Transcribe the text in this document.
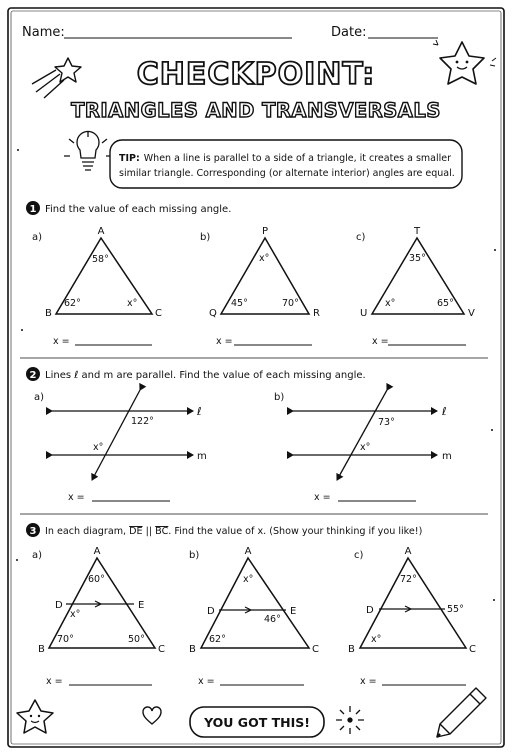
Name:	Date:
CHECKPOINT:
TRIANGLES AND TRANSVERSALS
TIP: When a line is parallel to a side of a triangle, it creates a smaller
similar triangle. Corresponding (or alternate interior) angles are equal.
1 Find the value of each missing angle.
a)
A
B	C
58°
62°	x°
x =
b)
P
Q	R
x°
45°	70°
x =
c)
T
U	V
35°
x°	65°
x =
2 Lines ℓ and m are parallel. Find the value of each missing angle.
a)
ℓ
m
122°
x°
x =
b)
ℓ
m
73°
x°
x =
3 In each diagram, DE || BC. Find the value of x. (Show your thinking if you like!)
a)	A
B	C
D	E
60°
x°
70°	50°
x =
b)	A
B	C
D	E
x°
46°
62°
x =
c)	A
B	C
D
72°
55°
x°
x =
YOU GOT THIS!
